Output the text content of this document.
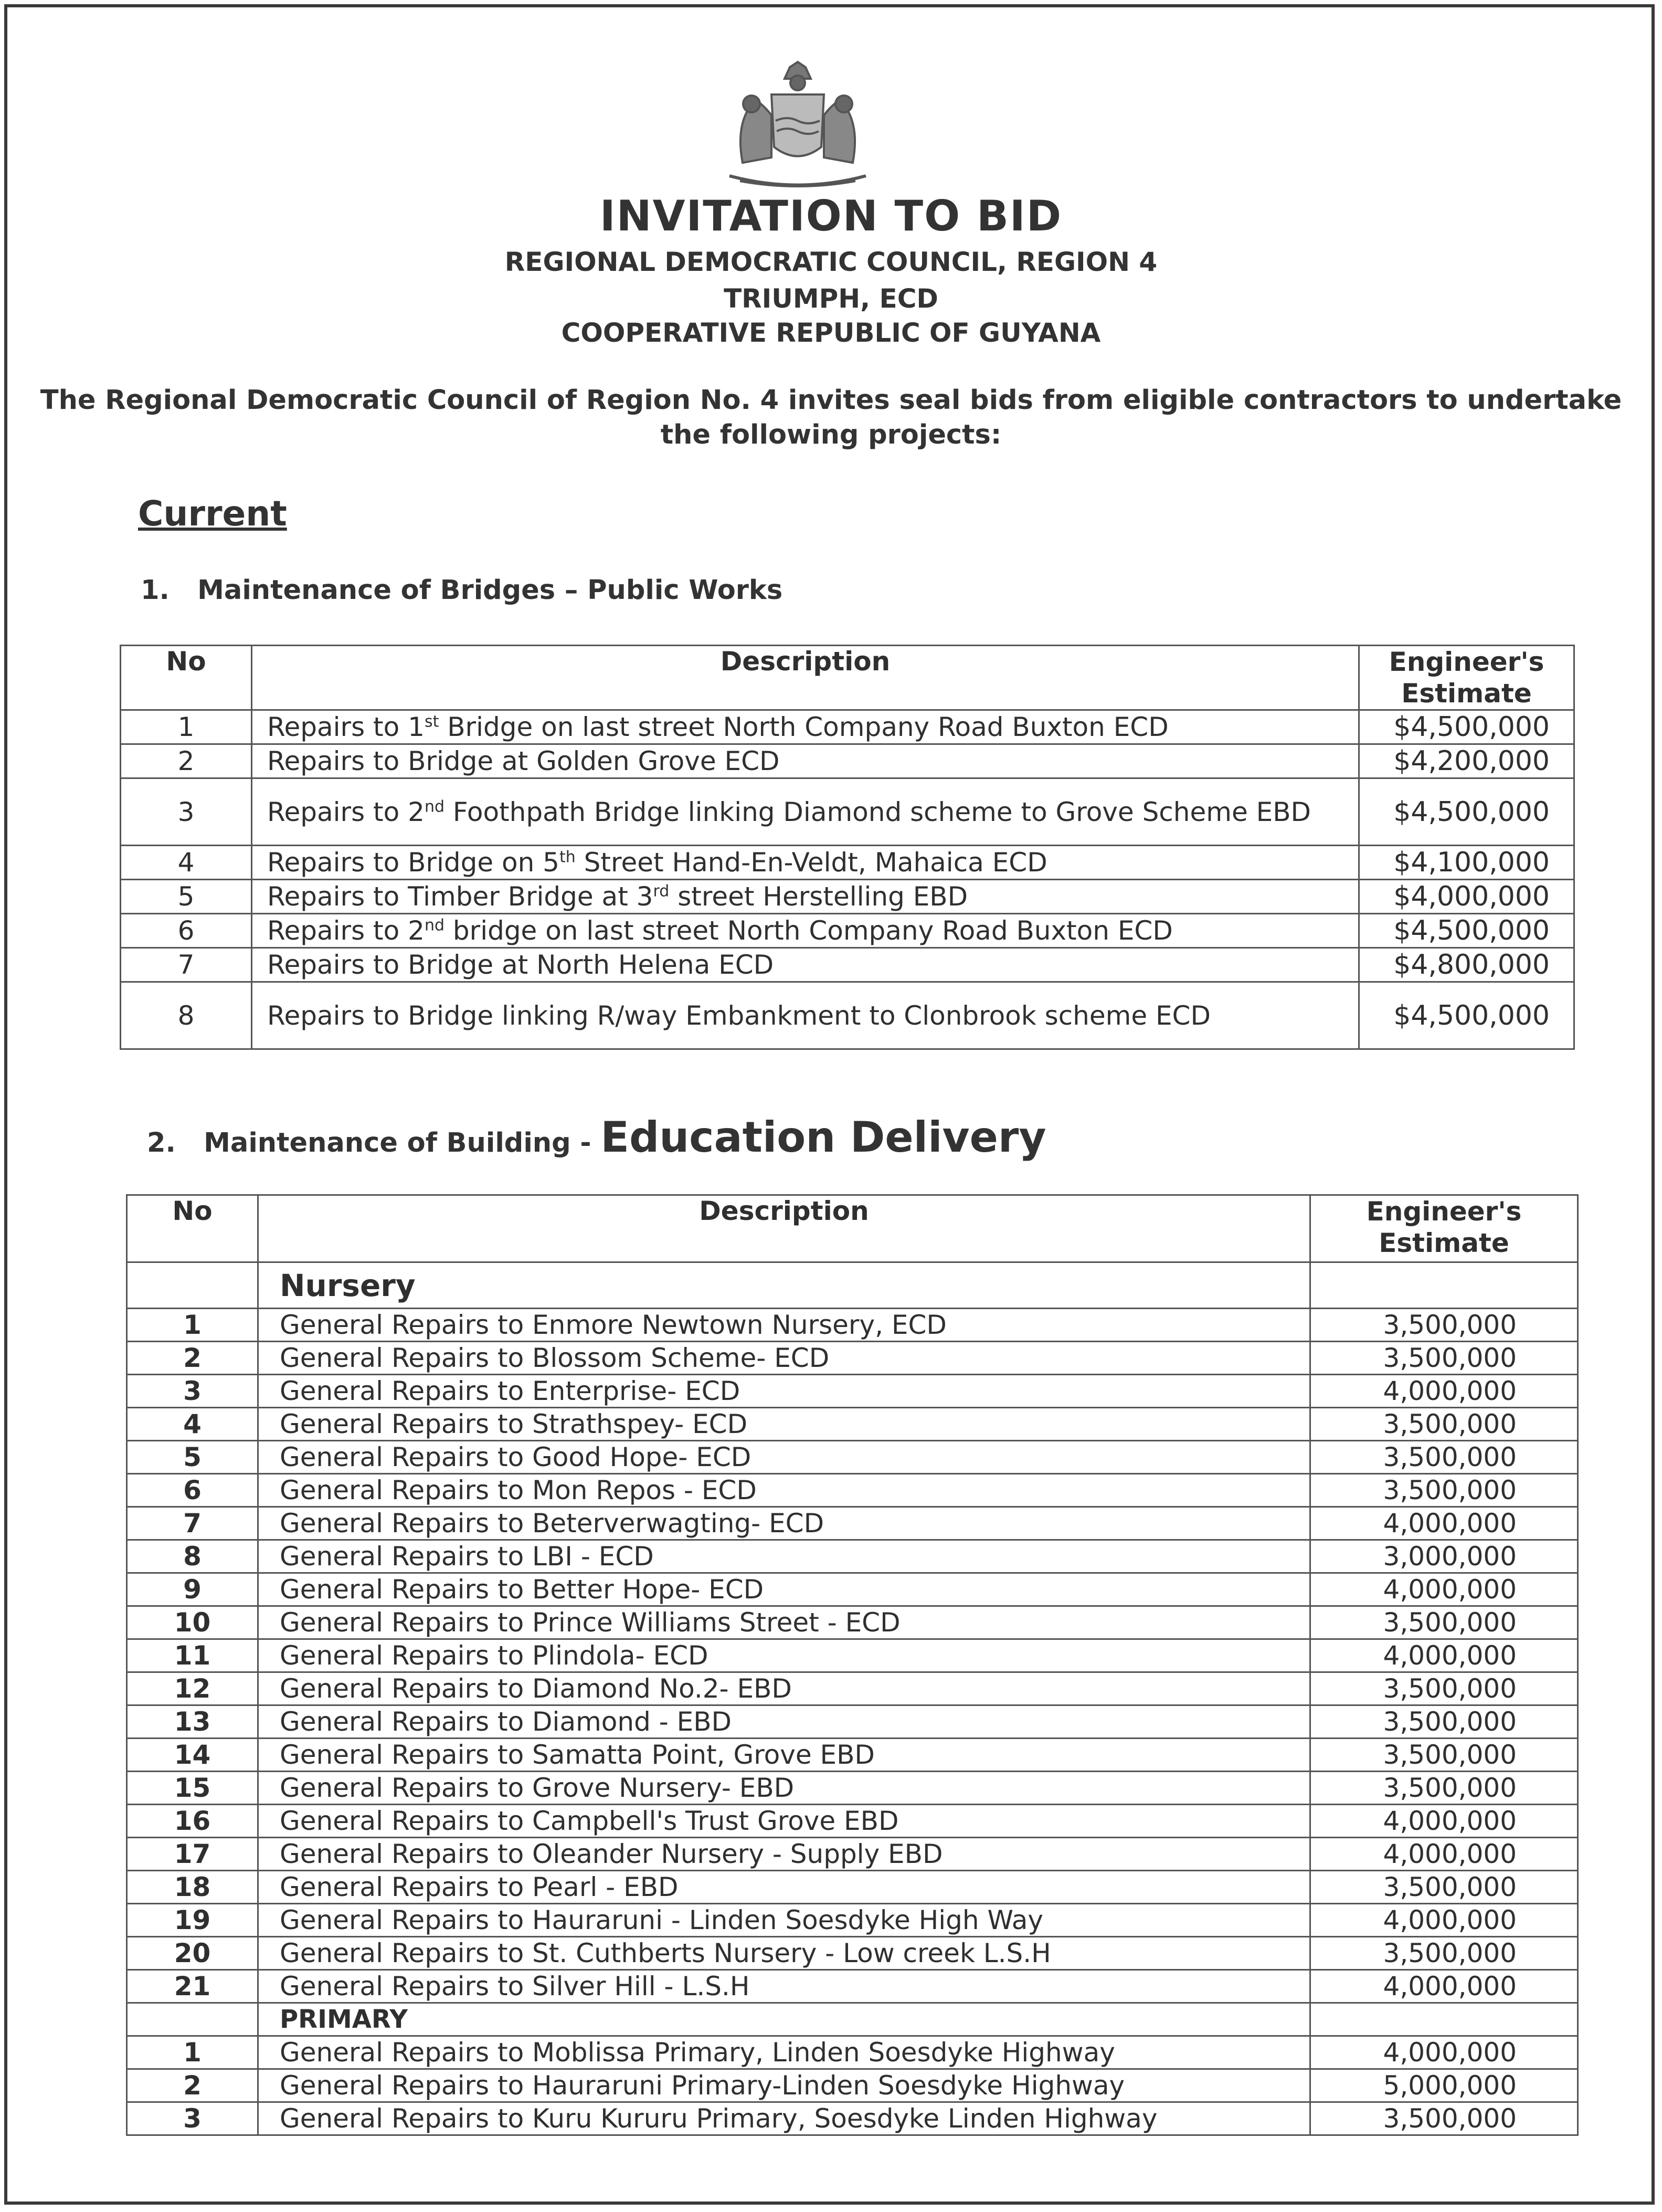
INVITATION TO BID
REGIONAL DEMOCRATIC COUNCIL, REGION 4
TRIUMPH, ECD
COOPERATIVE REPUBLIC OF GUYANA
The Regional Democratic Council of Region No. 4 invites seal bids from eligible contractors to undertake the following projects:
Current
1. Maintenance of Bridges – Public Works
No	Description	Engineer's Estimate
1	Repairs to 1st Bridge on last street North Company Road Buxton ECD	$4,500,000
2	Repairs to Bridge at Golden Grove ECD	$4,200,000
3	Repairs to 2nd Foothpath Bridge linking Diamond scheme to Grove Scheme EBD	$4,500,000
4	Repairs to Bridge on 5th Street Hand-En-Veldt, Mahaica ECD	$4,100,000
5	Repairs to Timber Bridge at 3rd street Herstelling EBD	$4,000,000
6	Repairs to 2nd bridge on last street North Company Road Buxton ECD	$4,500,000
7	Repairs to Bridge at North Helena ECD	$4,800,000
8	Repairs to Bridge linking R/way Embankment to Clonbrook scheme ECD	$4,500,000
2. Maintenance of Building - Education Delivery
No	Description	Engineer's Estimate
	Nursery	
1	General Repairs to Enmore Newtown Nursery, ECD	3,500,000
2	General Repairs to Blossom Scheme- ECD	3,500,000
3	General Repairs to Enterprise- ECD	4,000,000
4	General Repairs to Strathspey- ECD	3,500,000
5	General Repairs to Good Hope- ECD	3,500,000
6	General Repairs to Mon Repos - ECD	3,500,000
7	General Repairs to Beterverwagting- ECD	4,000,000
8	General Repairs to LBI - ECD	3,000,000
9	General Repairs to Better Hope- ECD	4,000,000
10	General Repairs to Prince Williams Street - ECD	3,500,000
11	General Repairs to Plindola- ECD	4,000,000
12	General Repairs to Diamond No.2- EBD	3,500,000
13	General Repairs to Diamond - EBD	3,500,000
14	General Repairs to Samatta Point, Grove EBD	3,500,000
15	General Repairs to Grove Nursery- EBD	3,500,000
16	General Repairs to Campbell's Trust Grove EBD	4,000,000
17	General Repairs to Oleander Nursery - Supply EBD	4,000,000
18	General Repairs to Pearl - EBD	3,500,000
19	General Repairs to Hauraruni - Linden Soesdyke High Way	4,000,000
20	General Repairs to St. Cuthberts Nursery - Low creek L.S.H	3,500,000
21	General Repairs to Silver Hill - L.S.H	4,000,000
	PRIMARY	
1	General Repairs to Moblissa Primary, Linden Soesdyke Highway	4,000,000
2	General Repairs to Hauraruni Primary-Linden Soesdyke Highway	5,000,000
3	General Repairs to Kuru Kururu Primary, Soesdyke Linden Highway	3,500,000
